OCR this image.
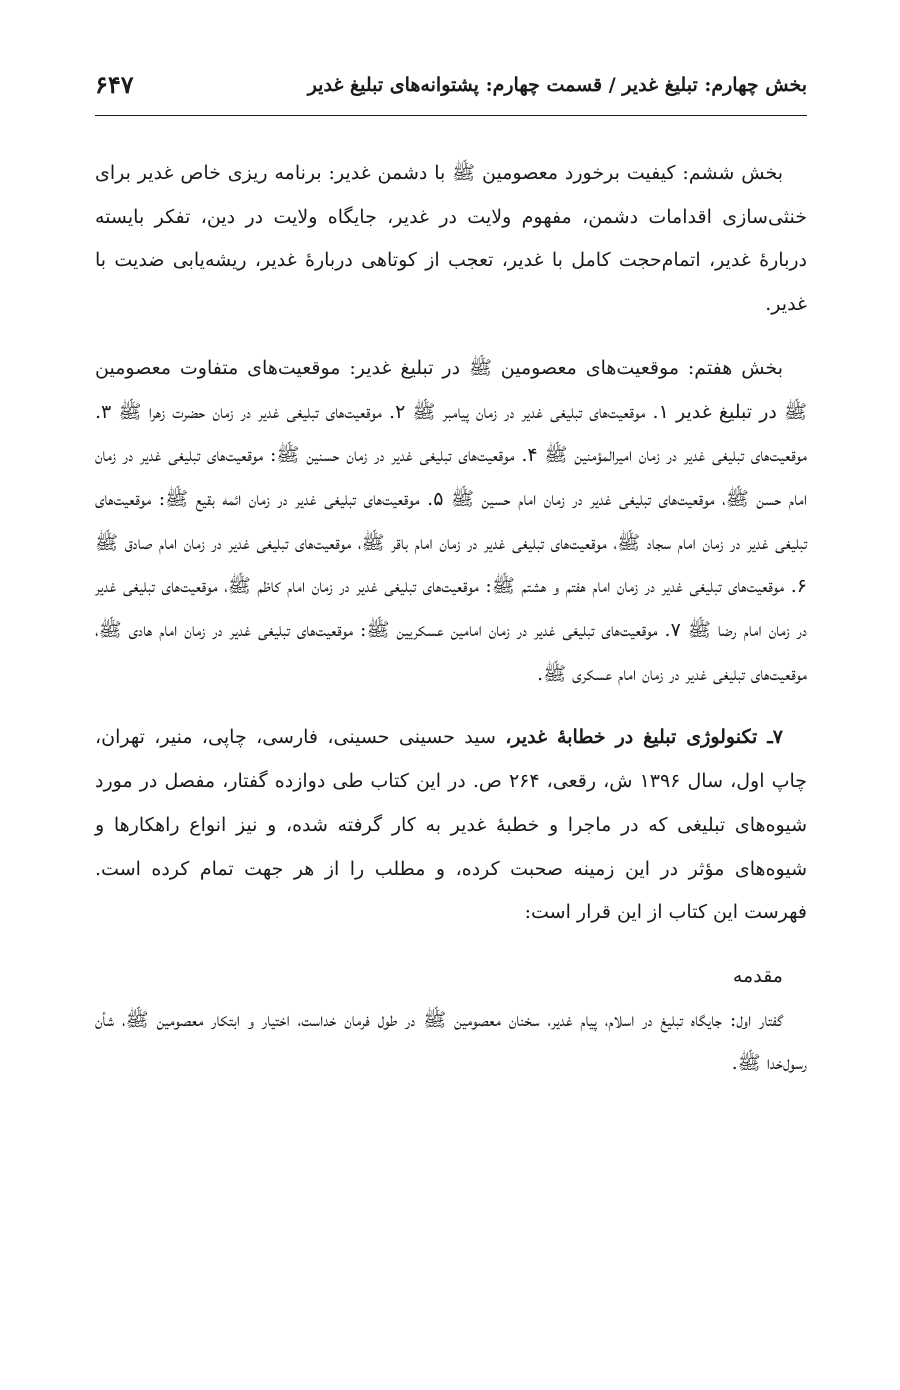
بخش چهارم: تبلیغ غدیر / قسمت چهارم: پشتوانه‌های تبلیغ غدیر
۶۴۷

بخش ششم: کیفیت برخورد معصومین ﷺ با دشمن غدیر: برنامه ریزی خاص غدیر برای خنثی‌سازی اقدامات دشمن، مفهوم ولایت در غدیر، جایگاه ولایت در دین، تفکر بایسته دربارهٔ غدیر، اتمام‌حجت کامل با غدیر، تعجب از کوتاهی دربارهٔ غدیر، ریشه‌یابی ضدیت با غدیر.

بخش هفتم: موقعیت‌های معصومین ﷺ در تبلیغ غدیر: موقعیت‌های متفاوت معصومین ﷺ در تبلیغ غدیر ۱. موقعیت‌های تبلیغی غدیر در زمان پیامبر ﷺ ۲. موقعیت‌های تبلیغی غدیر در زمان حضرت زهرا ﷺ ۳. موقعیت‌های تبلیغی غدیر در زمان امیرالمؤمنین ﷺ ۴. موقعیت‌های تبلیغی غدیر در زمان حسنین ﷺ: موقعیت‌های تبلیغی غدیر در زمان امام حسن ﷺ، موقعیت‌های تبلیغی غدیر در زمان امام حسین ﷺ ۵. موقعیت‌های تبلیغی غدیر در زمان ائمه بقیع ﷺ: موقعیت‌های تبلیغی غدیر در زمان امام سجاد ﷺ، موقعیت‌های تبلیغی غدیر در زمان امام باقر ﷺ، موقعیت‌های تبلیغی غدیر در زمان امام صادق ﷺ ۶. موقعیت‌های تبلیغی غدیر در زمان امام هفتم و هشتم ﷺ: موقعیت‌های تبلیغی غدیر در زمان امام کاظم ﷺ، موقعیت‌های تبلیغی غدیر در زمان امام رضا ﷺ ۷. موقعیت‌های تبلیغی غدیر در زمان امامین عسکریین ﷺ: موقعیت‌های تبلیغی غدیر در زمان امام هادی ﷺ، موقعیت‌های تبلیغی غدیر در زمان امام عسکری ﷺ.

۷ـ تکنولوژی تبلیغ در خطابهٔ غدیر، سید حسینی حسینی، فارسی، چاپی، منیر، تهران، چاپ اول، سال ۱۳۹۶ ش، رقعی، ۲۶۴ ص. در این کتاب طی دوازده گفتار، مفصل در مورد شیوه‌های تبلیغی که در ماجرا و خطبهٔ غدیر به کار گرفته شده، و نیز انواع راهکارها و شیوه‌های مؤثر در این زمینه صحبت کرده، و مطلب را از هر جهت تمام کرده است. فهرست این کتاب از این قرار است:

مقدمه

گفتار اول: جایگاه تبلیغ در اسلام، پیام غدیر، سخنان معصومین ﷺ در طول فرمان خداست، اختیار و ابتکار معصومین ﷺ، شأن رسول‌خدا ﷺ.
